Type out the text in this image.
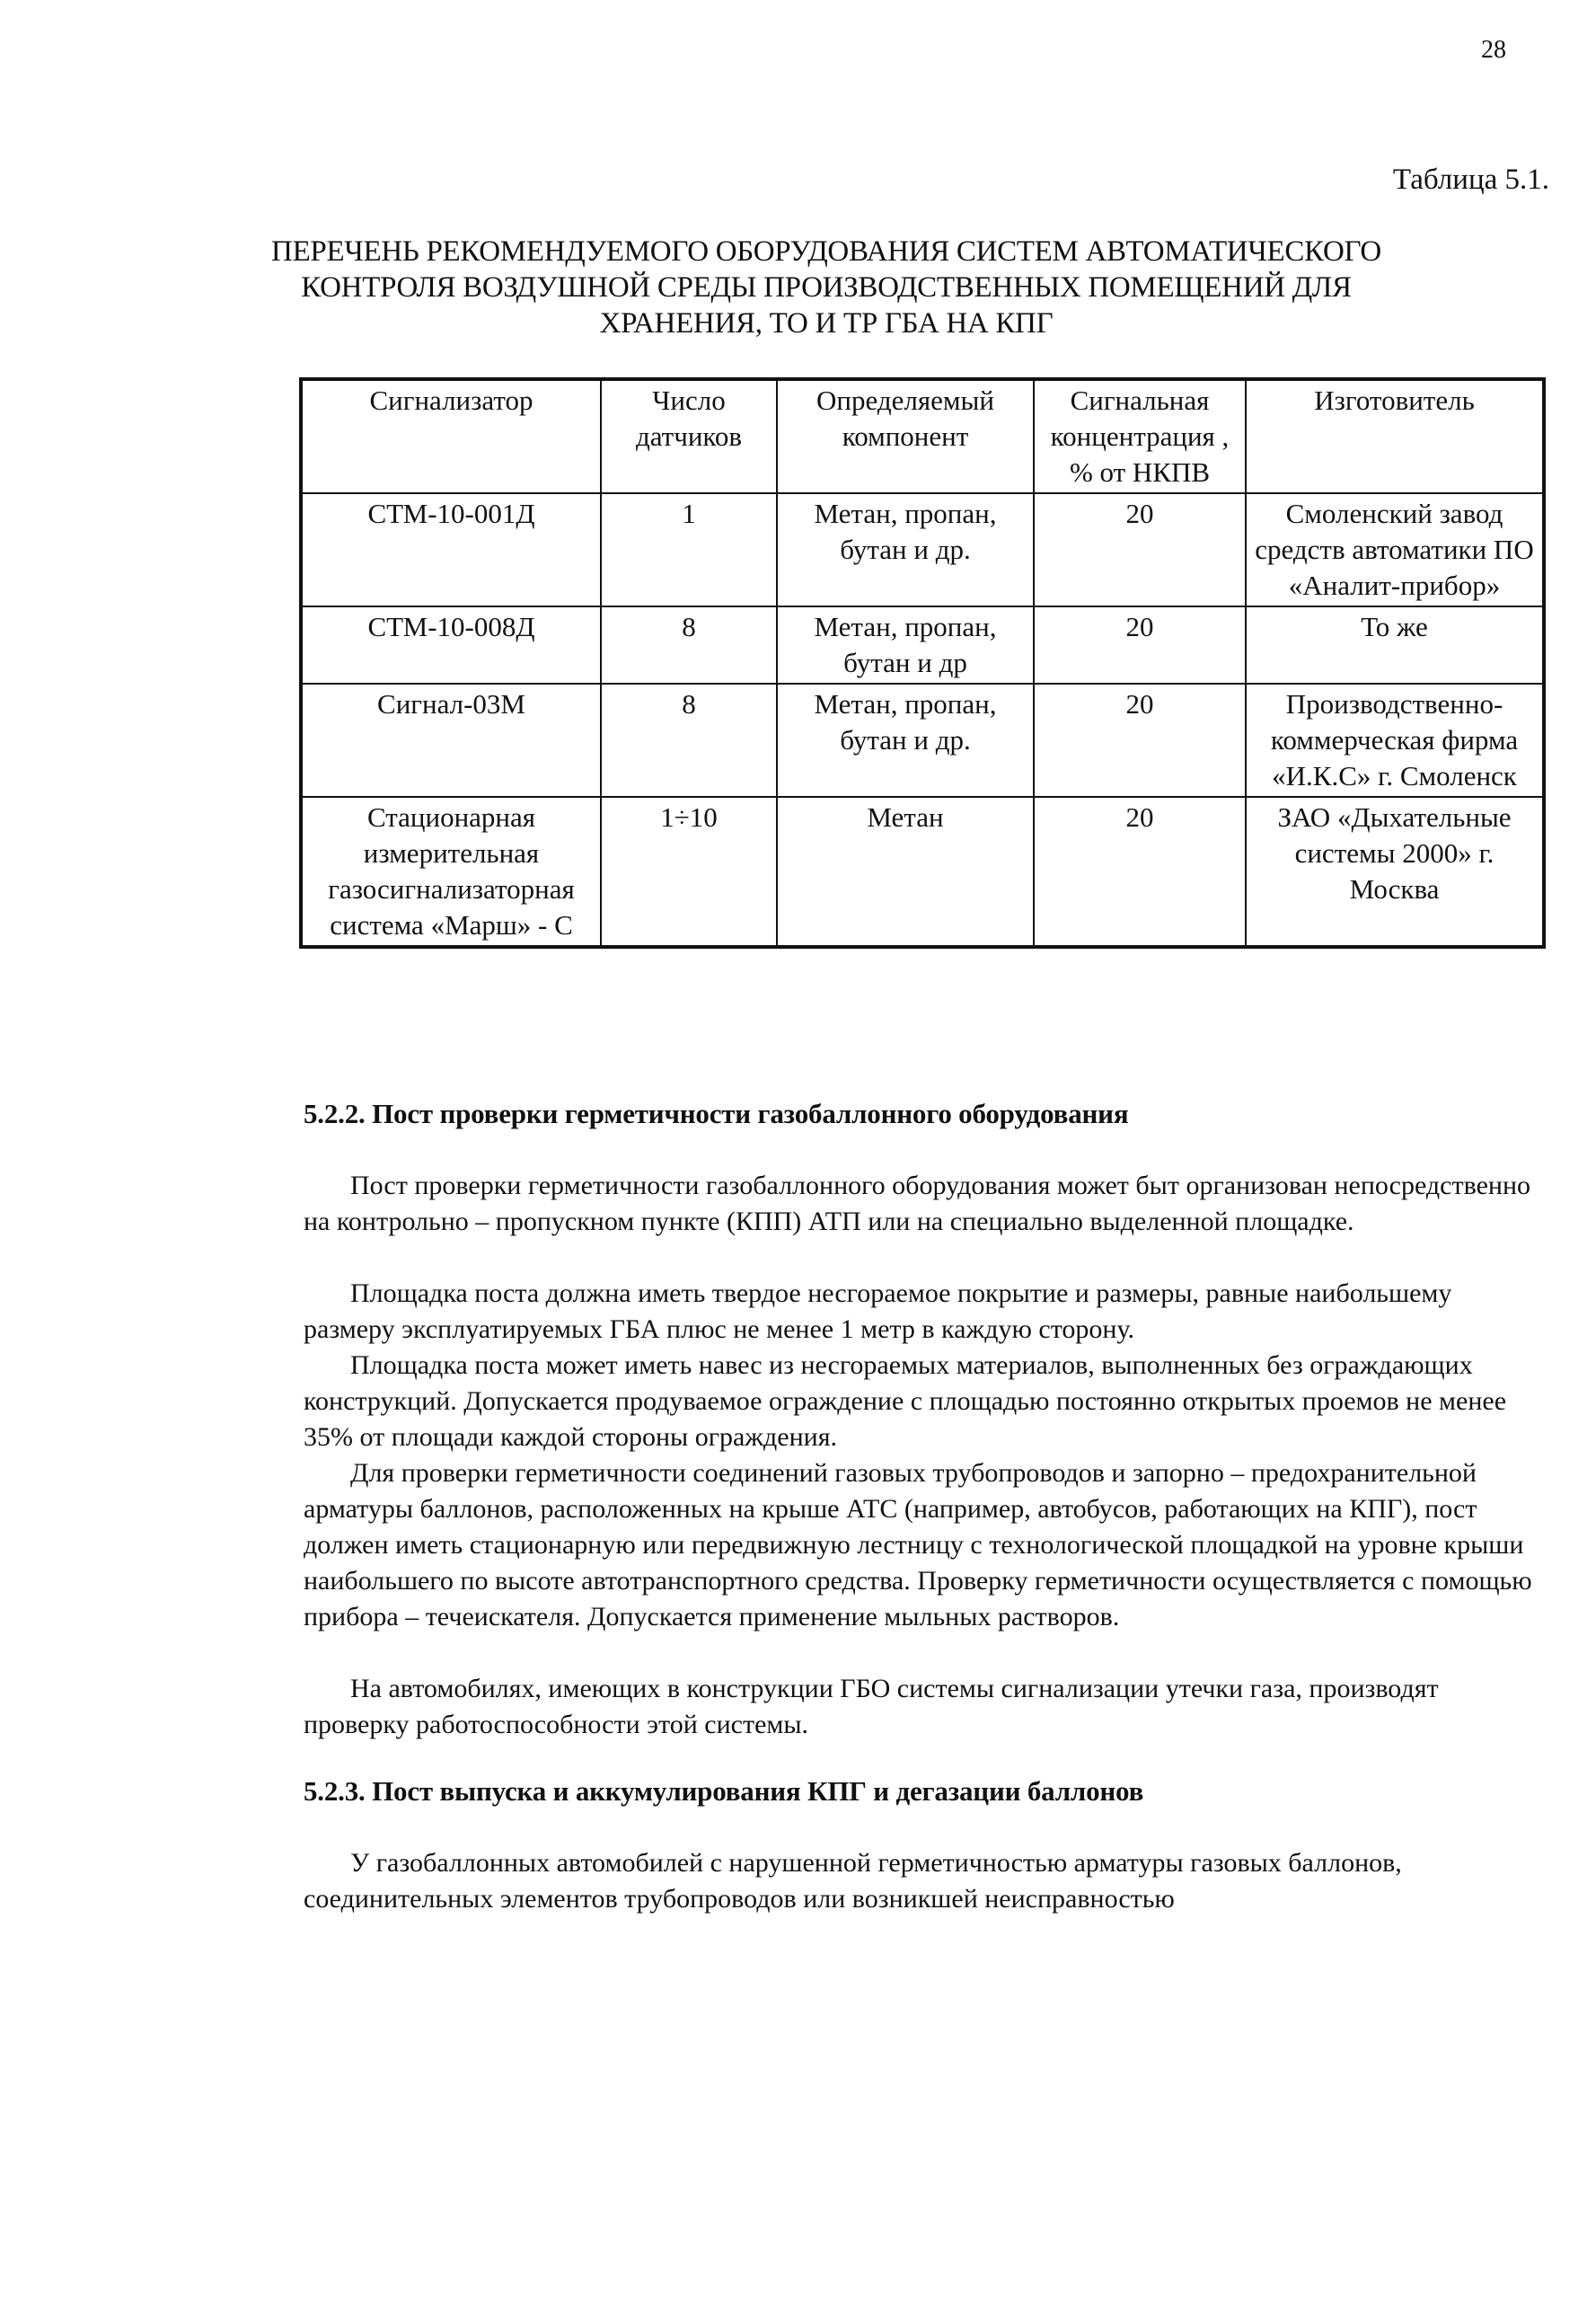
28
Таблица 5.1.
ПЕРЕЧЕНЬ РЕКОМЕНДУЕМОГО ОБОРУДОВАНИЯ СИСТЕМ АВТОМАТИЧЕСКОГО КОНТРОЛЯ ВОЗДУШНОЙ СРЕДЫ ПРОИЗВОДСТВЕННЫХ ПОМЕЩЕНИЙ ДЛЯ ХРАНЕНИЯ, ТО И ТР ГБА НА КПГ
Сигнализатор	Число датчиков	Определяемый компонент	Сигнальная концентрация , % от НКПВ	Изготовитель
СТМ-10-001Д	1	Метан, пропан, бутан и др.	20	Смоленский завод средств автоматики ПО «Аналит-прибор»
СТМ-10-008Д	8	Метан, пропан, бутан и др	20	То же
Сигнал-03М	8	Метан, пропан, бутан и др.	20	Производственно-коммерческая фирма «И.К.С» г. Смоленск
Стационарная измерительная газосигнализаторная система «Марш» - С	1÷10	Метан	20	ЗАО «Дыхательные системы 2000» г. Москва
5.2.2. Пост проверки герметичности газобаллонного оборудования
Пост проверки герметичности газобаллонного оборудования может быт организован непосредственно на контрольно – пропускном пункте (КПП) АТП или на специально выделенной площадке.
Площадка поста должна иметь твердое несгораемое покрытие и размеры, равные наибольшему размеру эксплуатируемых ГБА плюс не менее 1 метр в каждую сторону.
Площадка поста может иметь навес из несгораемых материалов, выполненных без ограждающих конструкций. Допускается продуваемое ограждение с площадью постоянно открытых проемов не менее 35% от площади каждой стороны ограждения.
Для проверки герметичности соединений газовых трубопроводов и запорно – предохранительной арматуры баллонов, расположенных на крыше АТС (например, автобусов, работающих на КПГ), пост должен иметь стационарную или передвижную лестницу с технологической площадкой на уровне крыши наибольшего по высоте автотранспортного средства. Проверку герметичности осуществляется с помощью прибора – течеискателя. Допускается применение мыльных растворов.
На автомобилях, имеющих в конструкции ГБО системы сигнализации утечки газа, производят проверку работоспособности этой системы.
5.2.3. Пост выпуска и аккумулирования КПГ и дегазации баллонов
У газобаллонных автомобилей с нарушенной герметичностью арматуры газовых баллонов, соединительных элементов трубопроводов или возникшей неисправностью
